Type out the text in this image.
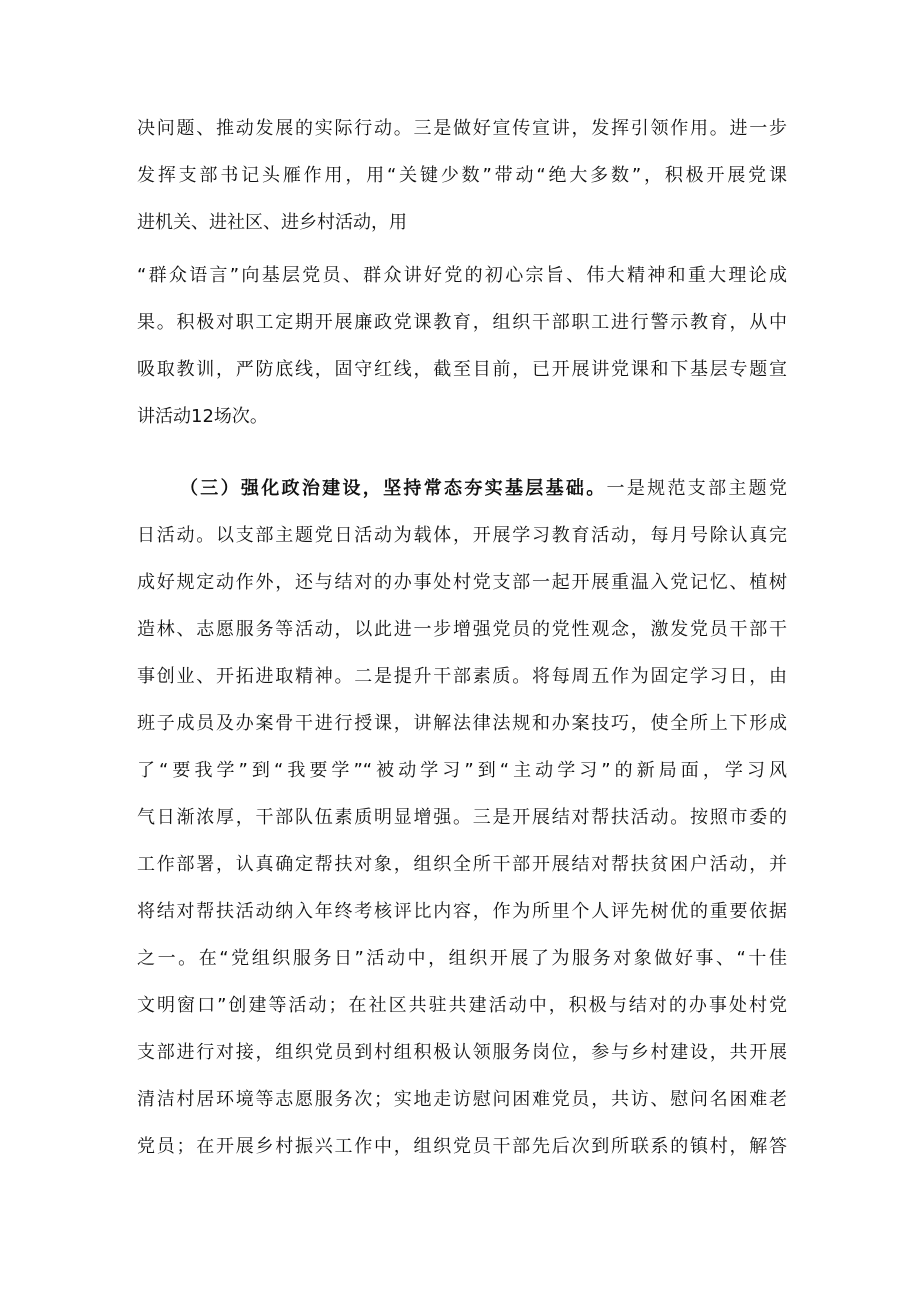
决问题、推动发展的实际行动。三是做好宣传宣讲，发挥引领作用。进一步
发挥支部书记头雁作用，用“关键少数”带动“绝大多数”，积极开展党课
进机关、进社区、进乡村活动，用
“群众语言”向基层党员、群众讲好党的初心宗旨、伟大精神和重大理论成
果。积极对职工定期开展廉政党课教育，组织干部职工进行警示教育，从中
吸取教训，严防底线，固守红线，截至目前，已开展讲党课和下基层专题宣
讲活动12场次。
（三）强化政治建设，坚持常态夯实基层基础。一是规范支部主题党
日活动。以支部主题党日活动为载体，开展学习教育活动，每月号除认真完
成好规定动作外，还与结对的办事处村党支部一起开展重温入党记忆、植树
造林、志愿服务等活动，以此进一步增强党员的党性观念，激发党员干部干
事创业、开拓进取精神。二是提升干部素质。将每周五作为固定学习日，由
班子成员及办案骨干进行授课，讲解法律法规和办案技巧，使全所上下形成
了“要我学”到“我要学”“被动学习”到“主动学习”的新局面，学习风
气日渐浓厚，干部队伍素质明显增强。三是开展结对帮扶活动。按照市委的
工作部署，认真确定帮扶对象，组织全所干部开展结对帮扶贫困户活动，并
将结对帮扶活动纳入年终考核评比内容，作为所里个人评先树优的重要依据
之一。在“党组织服务日”活动中，组织开展了为服务对象做好事、“十佳
文明窗口”创建等活动；在社区共驻共建活动中，积极与结对的办事处村党
支部进行对接，组织党员到村组积极认领服务岗位，参与乡村建设，共开展
清洁村居环境等志愿服务次；实地走访慰问困难党员，共访、慰问名困难老
党员；在开展乡村振兴工作中，组织党员干部先后次到所联系的镇村，解答
